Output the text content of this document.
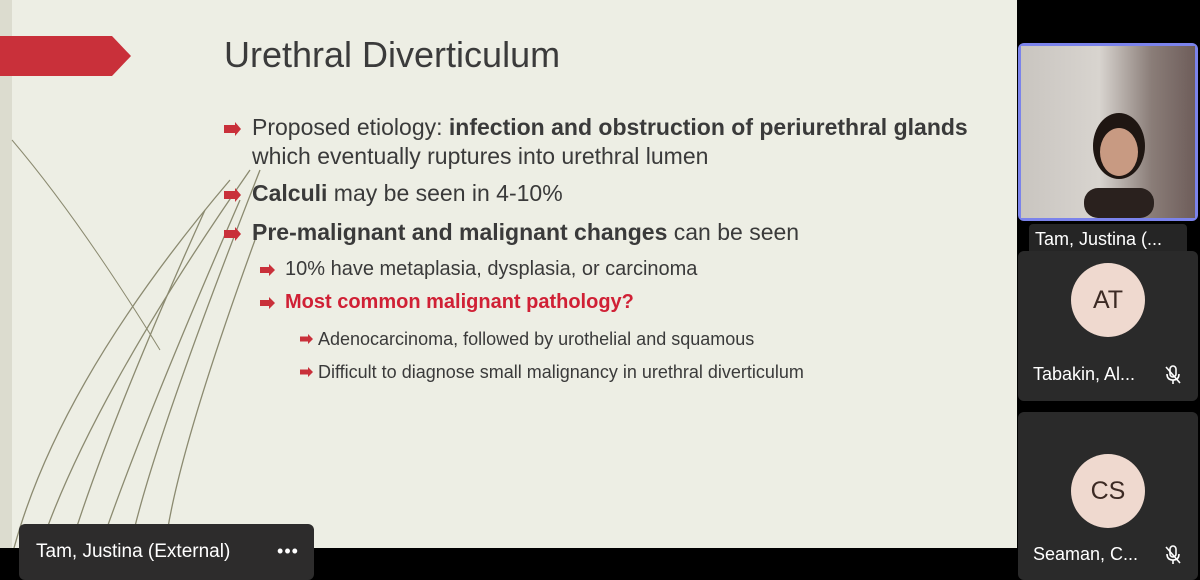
Urethral Diverticulum
Proposed etiology: infection and obstruction of periurethral glands
which eventually ruptures into urethral lumen
Calculi may be seen in 4-10%
Pre-malignant and malignant changes can be seen
10% have metaplasia, dysplasia, or carcinoma
Most common malignant pathology?
Adenocarcinoma, followed by urothelial and squamous
Difficult to diagnose small malignancy in urethral diverticulum
Tam, Justina (...
AT
Tabakin, Al...
CS
Seaman, C...
Tam, Justina (External)	•••
